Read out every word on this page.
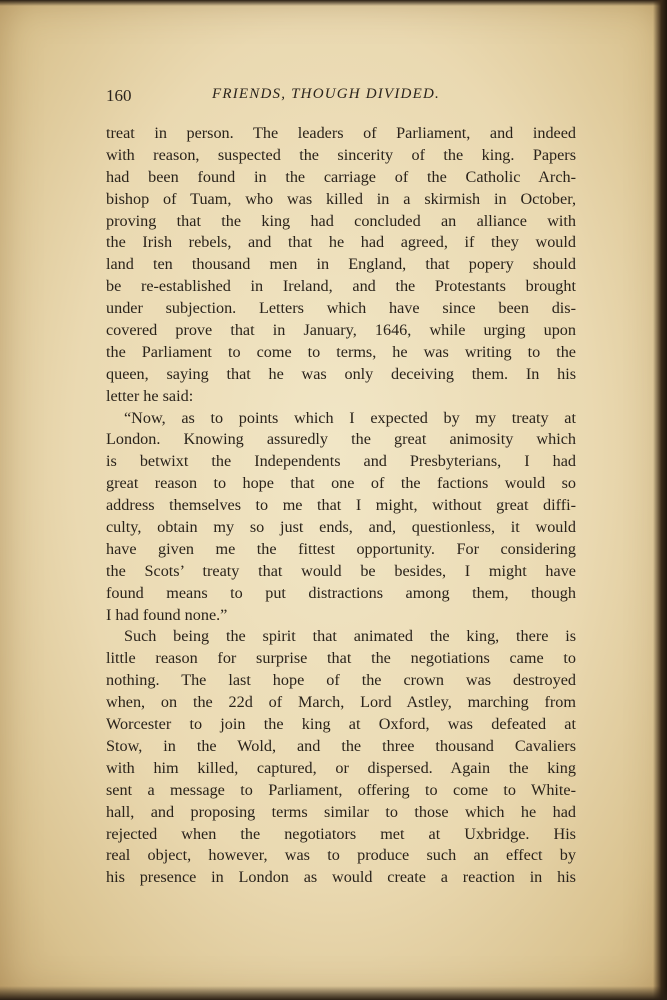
160	FRIENDS, THOUGH DIVIDED.
treat in person. The leaders of Parliament, and indeed
with reason, suspected the sincerity of the king. Papers
had been found in the carriage of the Catholic Arch-
bishop of Tuam, who was killed in a skirmish in October,
proving that the king had concluded an alliance with
the Irish rebels, and that he had agreed, if they would
land ten thousand men in England, that popery should
be re-established in Ireland, and the Protestants brought
under subjection. Letters which have since been dis-
covered prove that in January, 1646, while urging upon
the Parliament to come to terms, he was writing to the
queen, saying that he was only deceiving them. In his
letter he said:
“Now, as to points which I expected by my treaty at
London. Knowing assuredly the great animosity which
is betwixt the Independents and Presbyterians, I had
great reason to hope that one of the factions would so
address themselves to me that I might, without great diffi-
culty, obtain my so just ends, and, questionless, it would
have given me the fittest opportunity. For considering
the Scots’ treaty that would be besides, I might have
found means to put distractions among them, though
I had found none.”
Such being the spirit that animated the king, there is
little reason for surprise that the negotiations came to
nothing. The last hope of the crown was destroyed
when, on the 22d of March, Lord Astley, marching from
Worcester to join the king at Oxford, was defeated at
Stow, in the Wold, and the three thousand Cavaliers
with him killed, captured, or dispersed. Again the king
sent a message to Parliament, offering to come to White-
hall, and proposing terms similar to those which he had
rejected when the negotiators met at Uxbridge. His
real object, however, was to produce such an effect by
his presence in London as would create a reaction in his
